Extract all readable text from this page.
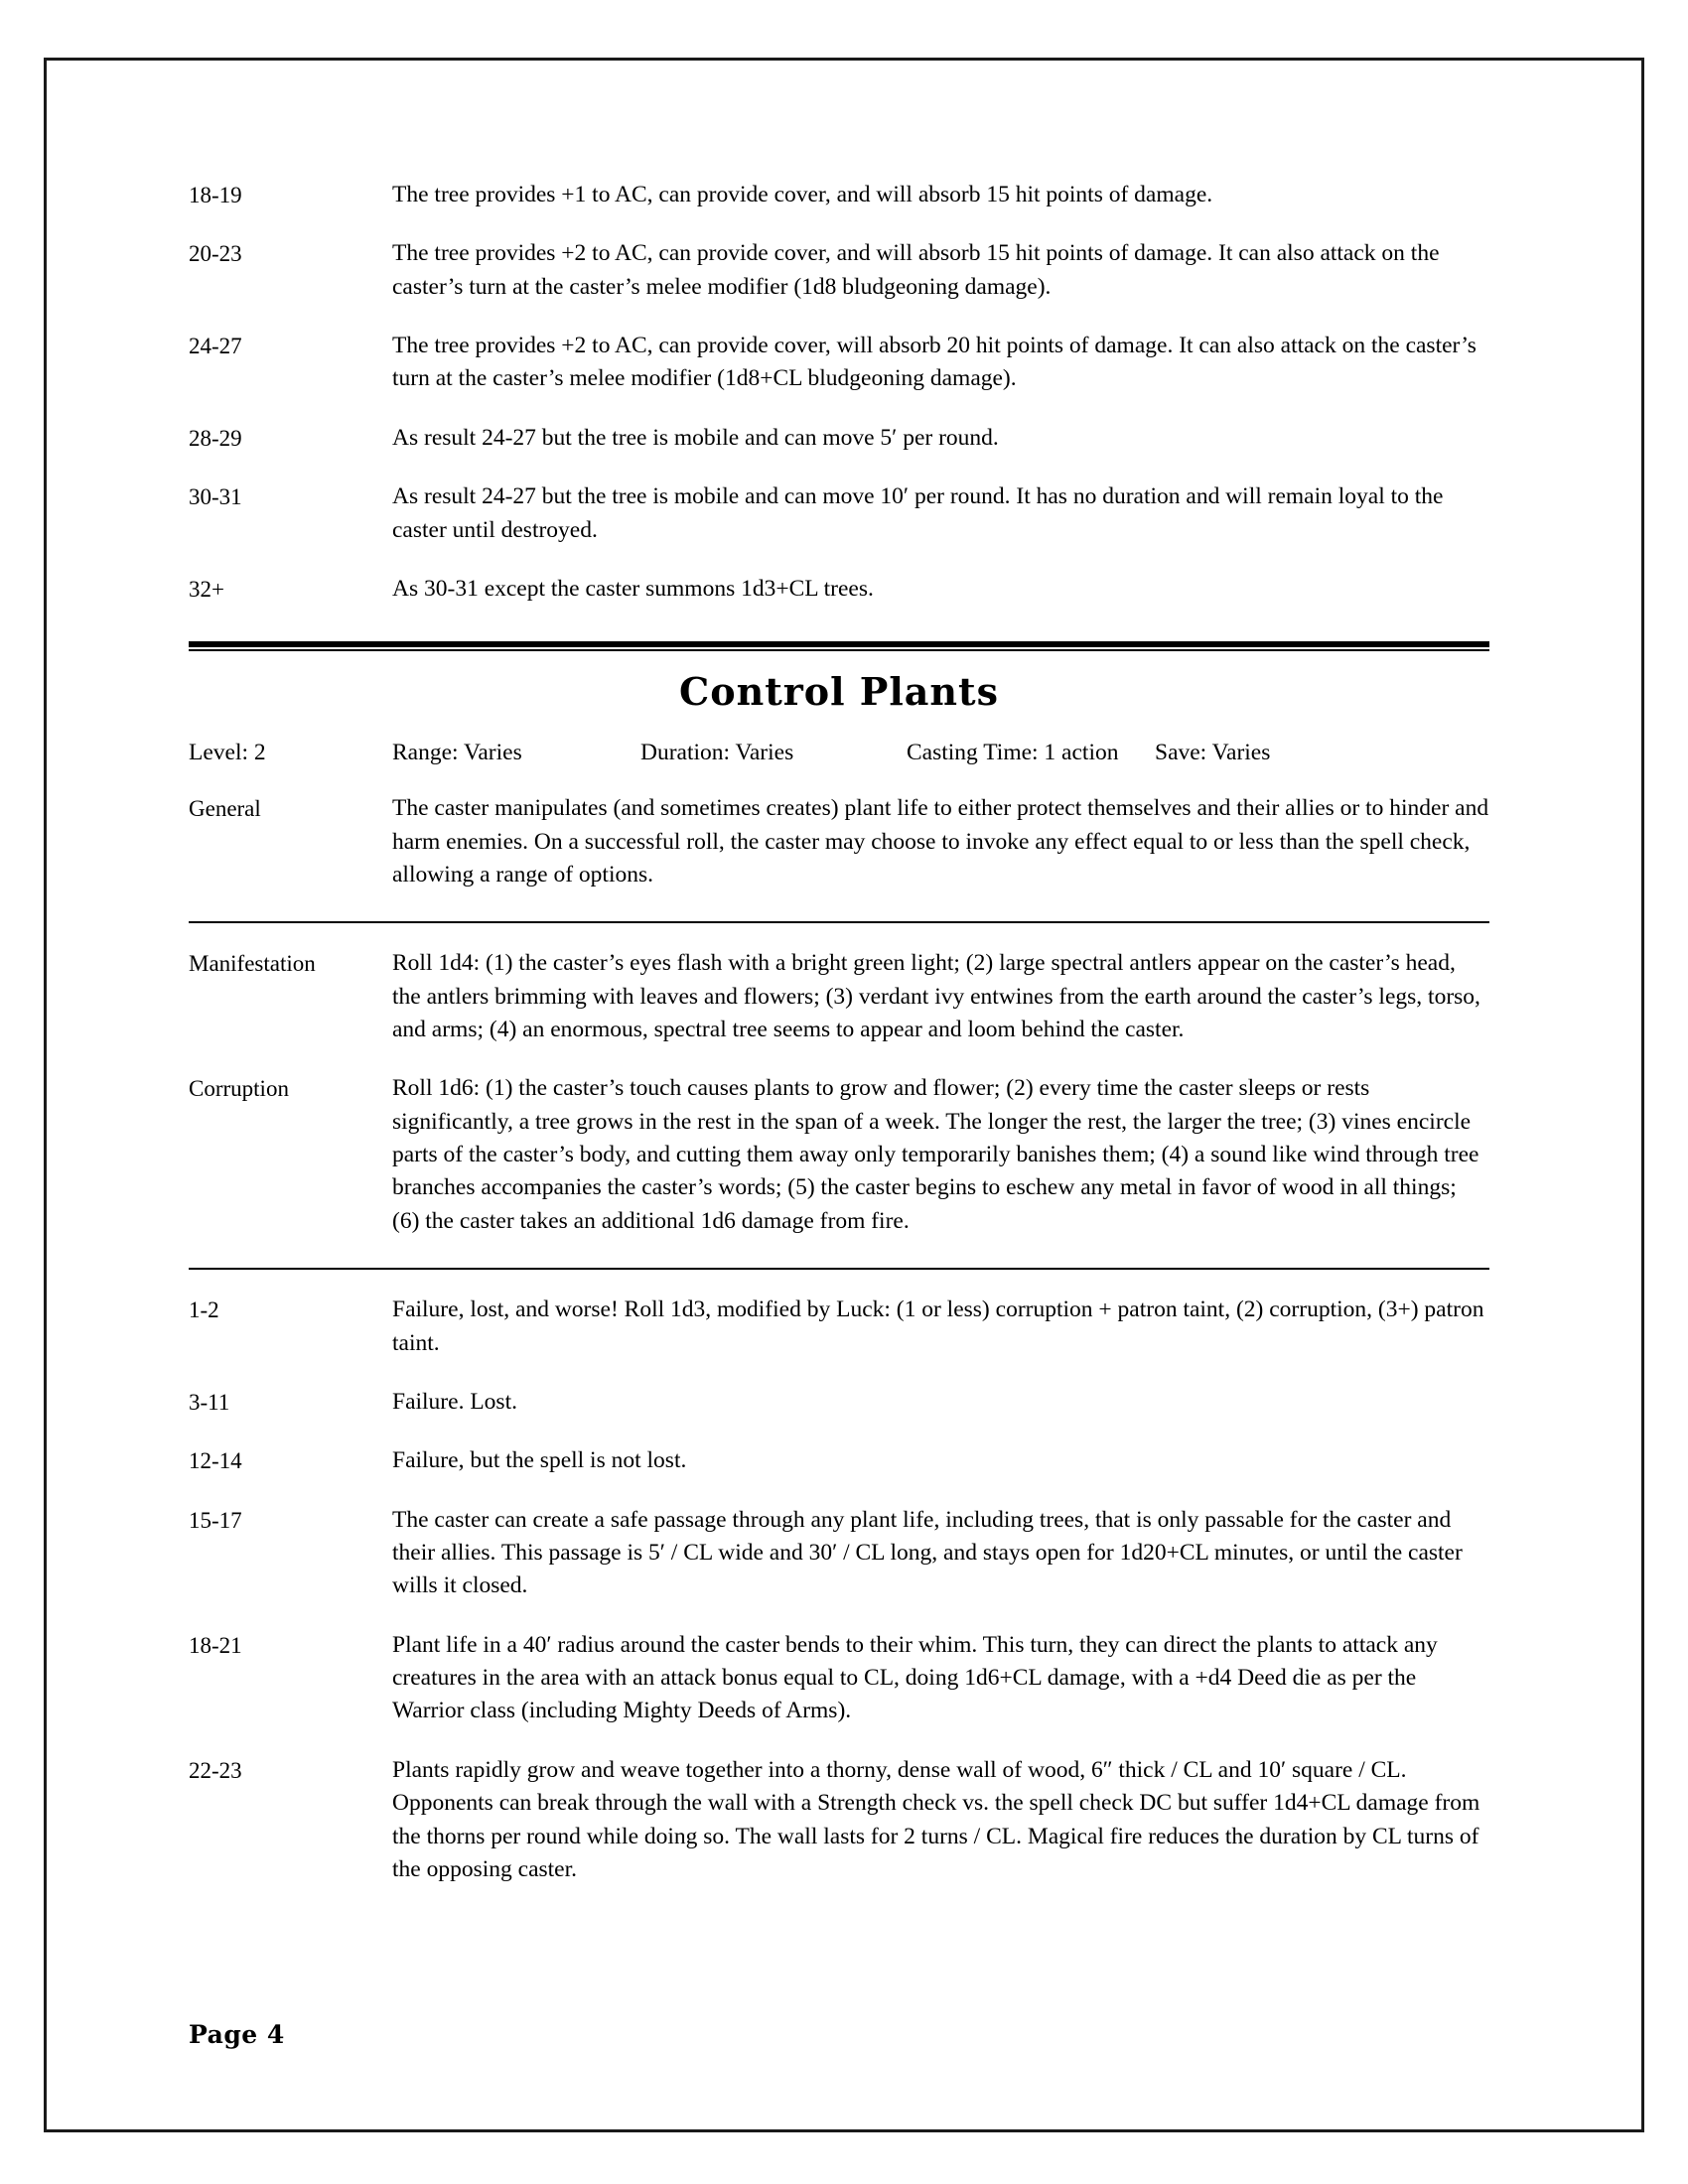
18-19	The tree provides +1 to AC, can provide cover, and will absorb 15 hit points of damage.
20-23	The tree provides +2 to AC, can provide cover, and will absorb 15 hit points of damage. It can also attack on the caster’s turn at the caster’s melee modifier (1d8 bludgeoning damage).
24-27	The tree provides +2 to AC, can provide cover, will absorb 20 hit points of damage. It can also attack on the caster’s turn at the caster’s melee modifier (1d8+CL bludgeoning damage).
28-29	As result 24-27 but the tree is mobile and can move 5′ per round.
30-31	As result 24-27 but the tree is mobile and can move 10′ per round. It has no duration and will remain loyal to the caster until destroyed.
32+	As 30-31 except the caster summons 1d3+CL trees.
Control Plants
Level: 2	Range: Varies	Duration: Varies	Casting Time: 1 action	Save: Varies
General	The caster manipulates (and sometimes creates) plant life to either protect themselves and their allies or to hinder and harm enemies. On a successful roll, the caster may choose to invoke any effect equal to or less than the spell check, allowing a range of options.
Manifestation	Roll 1d4: (1) the caster’s eyes flash with a bright green light; (2) large spectral antlers appear on the caster’s head, the antlers brimming with leaves and flowers; (3) verdant ivy entwines from the earth around the caster’s legs, torso, and arms; (4) an enormous, spectral tree seems to appear and loom behind the caster.
Corruption	Roll 1d6: (1) the caster’s touch causes plants to grow and flower; (2) every time the caster sleeps or rests significantly, a tree grows in the rest in the span of a week. The longer the rest, the larger the tree; (3) vines encircle parts of the caster’s body, and cutting them away only temporarily banishes them; (4) a sound like wind through tree branches accompanies the caster’s words; (5) the caster begins to eschew any metal in favor of wood in all things; (6) the caster takes an additional 1d6 damage from fire.
1-2	Failure, lost, and worse! Roll 1d3, modified by Luck: (1 or less) corruption + patron taint, (2) corruption, (3+) patron taint.
3-11	Failure. Lost.
12-14	Failure, but the spell is not lost.
15-17	The caster can create a safe passage through any plant life, including trees, that is only passable for the caster and their allies. This passage is 5′ / CL wide and 30′ / CL long, and stays open for 1d20+CL minutes, or until the caster wills it closed.
18-21	Plant life in a 40′ radius around the caster bends to their whim. This turn, they can direct the plants to attack any creatures in the area with an attack bonus equal to CL, doing 1d6+CL damage, with a +d4 Deed die as per the Warrior class (including Mighty Deeds of Arms).
22-23	Plants rapidly grow and weave together into a thorny, dense wall of wood, 6″ thick / CL and 10′ square / CL. Opponents can break through the wall with a Strength check vs. the spell check DC but suffer 1d4+CL damage from the thorns per round while doing so. The wall lasts for 2 turns / CL. Magical fire reduces the duration by CL turns of the opposing caster.
Page 4
